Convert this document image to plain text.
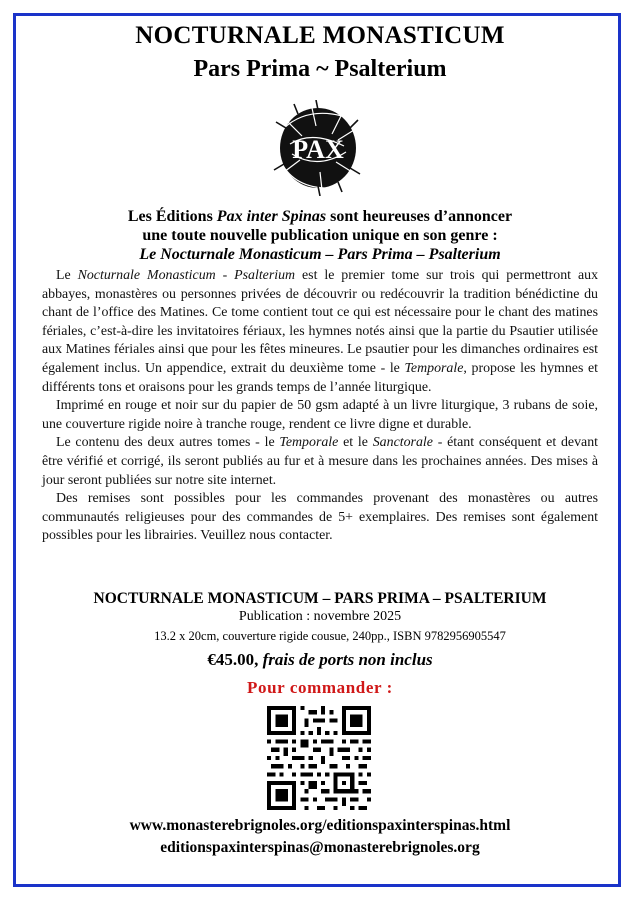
NOCTURNALE MONASTICUM
Pars Prima ~ Psalterium
PAX
Les Éditions Pax inter Spinas sont heureuses d’annoncer
une toute nouvelle publication unique en son genre :
Le Nocturnale Monasticum – Pars Prima – Psalterium

Le Nocturnale Monasticum - Psalterium est le premier tome sur trois qui permettront aux abbayes, monastères ou personnes privées de découvrir ou redécouvrir la tradition bénédictine du chant de l’office des Matines. Ce tome contient tout ce qui est nécessaire pour le chant des matines fériales, c’est-à-dire les invitatoires fériaux, les hymnes notés ainsi que la partie du Psautier utilisée aux Matines fériales ainsi que pour les fêtes mineures. Le psautier pour les dimanches ordinaires est également inclus. Un appendice, extrait du deuxième tome - le Temporale, propose les hymnes et différents tons et oraisons pour les grands temps de l’année liturgique.

Imprimé en rouge et noir sur du papier de 50 gsm adapté à un livre liturgique, 3 rubans de soie, une couverture rigide noire à tranche rouge, rendent ce livre digne et durable.

Le contenu des deux autres tomes - le Temporale et le Sanctorale - étant conséquent et devant être vérifié et corrigé, ils seront publiés au fur et à mesure dans les prochaines années. Des mises à jour seront publiées sur notre site internet.

Des remises sont possibles pour les commandes provenant des monastères ou autres communautés religieuses pour des commandes de 5+ exemplaires. Des remises sont également possibles pour les librairies. Veuillez nous contacter.

NOCTURNALE MONASTICUM – PARS PRIMA – PSALTERIUM
Publication : novembre 2025
13.2 x 20cm, couverture rigide cousue, 240pp., ISBN 9782956905547
€45.00, frais de ports non inclus
Pour commander :
www.monasterebrignoles.org/editionspaxinterspinas.html
editionspaxinterspinas@monasterebrignoles.org
